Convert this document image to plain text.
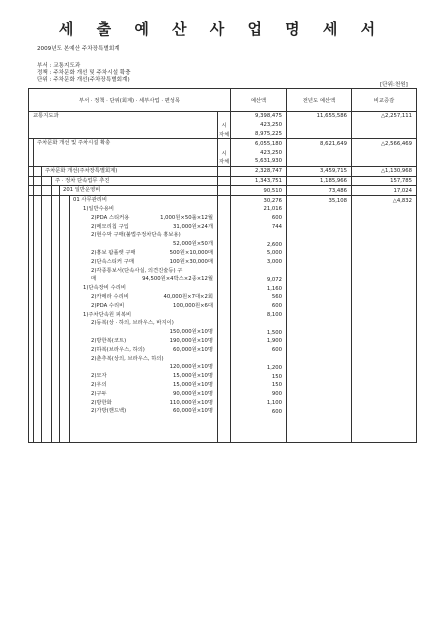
세 출 예 산 사 업 명 세 서
2009년도 본예산 주차장특별회계
부서 : 교통지도과
정책 : 주차문화 개선 및 주차시설 확충
단위 : 주차문화 개선(주차장특별회계)
[단위:천원]
부서 · 정책 · 단위(회계) · 세부사업 · 편성목		예산액	전년도 예산액	비교증감

교통지도과		9,398,475	11,655,586	△2,257,111

	시	423,250		

	자체	8,975,225		

주차문화 개선 및 주차시설 확충		6,055,180	8,621,649	△2,566,469

	시	423,250		

	자체	5,631,930		

주차문화 개선(주차장특별회계)		2,328,747	3,459,715	△1,130,968

주 · 정차 단속업무 추진		1,343,751	1,185,966	157,785

201 일반운영비		90,510	73,486	17,024

01 사무관리비		30,276	35,108	△4,832

1)일반수용비		21,016		

2)PDA 스티커용 1,000원×50롤×12월		600		

2)메모리칩 구입 31,000원×24개		744		

2)현수막 구매(불법주정차단속 홍보용)				

52,000원×50개		2,600		

2)홍보 팜플렛 구매 500원×10,000매		5,000		

2)단속스티커 구매 100원×30,000매		3,000		

2)각종통보서(단속사실, 의견진술등) 구				

매 94,500원×4박스×2종×12월		9,072		

1)단속장비 수리비		1,160		

2)카메라 수리비 40,000원×7대×2회		560		

2)PDA 수리비 100,000원×6대		600		

1)주차단속원 피복비		8,100		

2)동복(상 · 하의, 브라우스, 바지이)				

150,000원×10명		1,500		

2)방한복(코트) 190,000원×10명		1,900		

2)하복(브라우스, 하의) 60,000원×10명		600		

2)춘추복(상의, 브라우스, 하의)				

120,000원×10명		1,200		

2)모자 15,000원×10명		150		

2)우의 15,000원×10명		150		

2)구두 90,000원×10명		900		

2)방한화 110,000원×10명		1,100		

2)가방(핸드백) 60,000원×10명		600		
